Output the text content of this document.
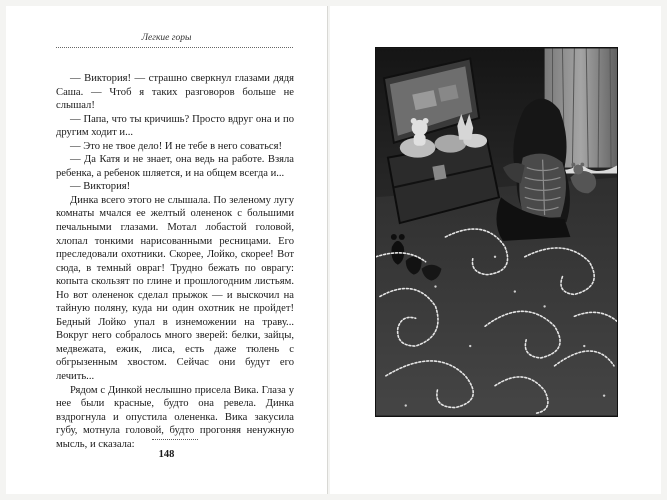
Легкие горы

— Виктория! — страшно сверкнул глазами дядя Саша. — Чтоб я таких разговоров больше не слышал!

— Папа, что ты кричишь? Просто вдруг она и по другим ходит и...

— Это не твое дело! И не тебе в него соваться!

— Да Катя и не знает, она ведь на работе. Взяла ребенка, а ребенок шляется, и на общем всегда и...

— Виктория!

Динка всего этого не слышала. По зеленому лугу комнаты мчался ее желтый олененок с большими печальными глазами. Мотал лобастой головой, хлопал тонкими нарисованными ресницами. Его преследовали охотники. Скорее, Лойко, скорее! Вот сюда, в темный овраг! Трудно бежать по оврагу: копыта скользят по глине и прошлогодним листьям. Но вот олененок сделал прыжок — и выскочил на тайную поляну, куда ни один охотник не пройдет! Бедный Лойко упал в изнеможении на траву... Вокруг него собралось много зверей: белки, зайцы, медвежата, ежик, лиса, есть даже тюлень с обгрызенным хвостом. Сейчас они будут его лечить...

Рядом с Динкой неслышно присела Вика. Глаза у нее были красные, будто она ревела. Динка вздрогнула и опустила олененка. Вика закусила губу, мотнула головой, будто прогоняя ненужную мысль, и сказала:

148
